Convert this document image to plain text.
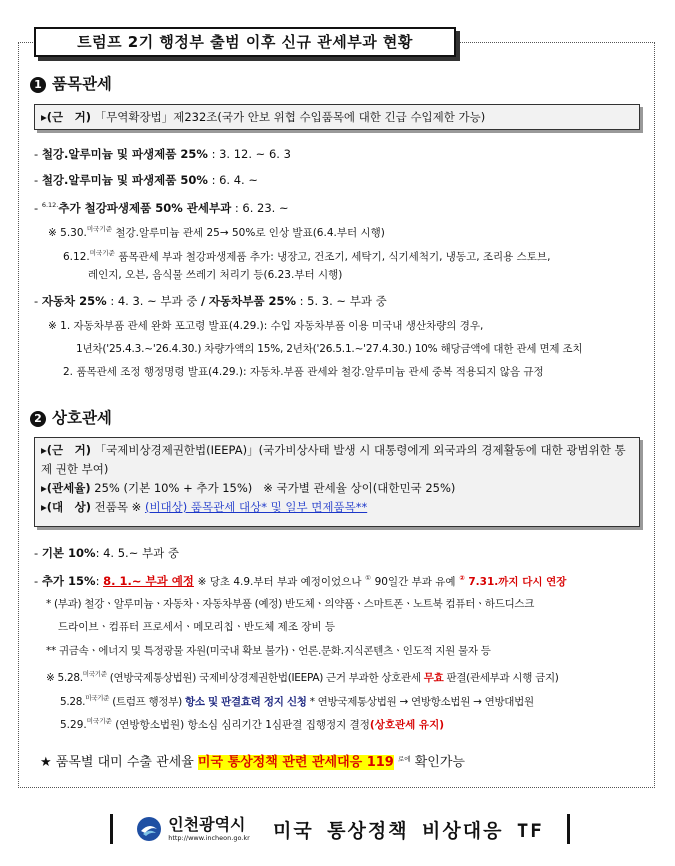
트럼프 2기 행정부 출범 이후 신규 관세부과 현황
1 품목관세
▸(근　거) 「무역확장법」제232조(국가 안보 위협 수입품목에 대한 긴급 수입제한 가능)
- 철강.알루미늄 및 파생제품 25% : 3. 12. ~ 6. 3
- 철강.알루미늄 및 파생제품 50% : 6. 4. ~
- $^{6.12.}$추가 철강파생제품 50% 관세부과 : 6. 23. ~
※ 5.30.$^{미국기준}$ 철강.알루미늄 관세 25→ 50%로 인상 발표(6.4.부터 시행)
6.12.$^{미국기준}$ 품목관세 부과 철강파생제품 추가: 냉장고, 건조기, 세탁기, 식기세척기, 냉동고, 조리용 스토브,
레인지, 오븐, 음식물 쓰레기 처리기 등(6.23.부터 시행)
- 자동차 25% : 4. 3. ~ 부과 중 / 자동차부품 25% : 5. 3. ~ 부과 중
※ 1. 자동차부품 관세 완화 포고령 발표(4.29.): 수입 자동차부품 이용 미국내 생산차량의 경우,
1년차('25.4.3.~'26.4.30.) 차량가액의 15%, 2년차('26.5.1.~'27.4.30.) 10% 해당금액에 대한 관세 면제 조치
2. 품목관세 조정 행정명령 발표(4.29.): 자동차.부품 관세와 철강.알루미늄 관세 중복 적용되지 않음 규정
2 상호관세
▸(근　거) 「국제비상경제권한법(IEEPA)」(국가비상사태 발생 시 대통령에게 외국과의 경제활동에 대한 광범위한 통제 권한 부여)
▸(관세율) 25% (기본 10% + 추가 15%) ※ 국가별 관세율 상이(대한민국 25%)
▸(대　상) 전품목 ※ (비대상) 품목관세 대상* 및 일부 면제품목**
- 기본 10%: 4. 5.~ 부과 중
- 추가 15%: 8. 1.~ 부과 예정 ※ 당초 4.9.부터 부과 예정이었으나 ① 90일간 부과 유예 ② 7.31.까지 다시 연장
* (부과) 철강ㆍ알루미늄ㆍ자동차ㆍ자동차부품 (예정) 반도체ㆍ의약품ㆍ스마트폰ㆍ노트북 컴퓨터ㆍ하드디스크
드라이브ㆍ컴퓨터 프로세서ㆍ메모리칩ㆍ반도체 제조 장비 등
** 귀금속ㆍ에너지 및 특정광물 자원(미국내 확보 불가)ㆍ언론.문화.지식콘텐츠ㆍ인도적 지원 물자 등
※ 5.28.$^{미국기준}$ (연방국제통상법원) 국제비상경제권한법(IEEPA) 근거 부과한 상호관세 무효 판결(관세부과 시행 금지)
5.28.$^{미국기준}$ (트럼프 행정부) 항소 및 판결효력 정지 신청 * 연방국제통상법원 → 연방항소법원 → 연방대법원
5.29.$^{미국기준}$ (연방항소법원) 항소심 심리기간 1심판결 집행정지 결정(상호관세 유지)
★ 품목별 대미 수출 관세율 미국 통상정책 관련 관세대응 119 $^{로에}$ 확인가능
인천광역시
http://www.incheon.go.kr 미국 통상정책 비상대응 TF
